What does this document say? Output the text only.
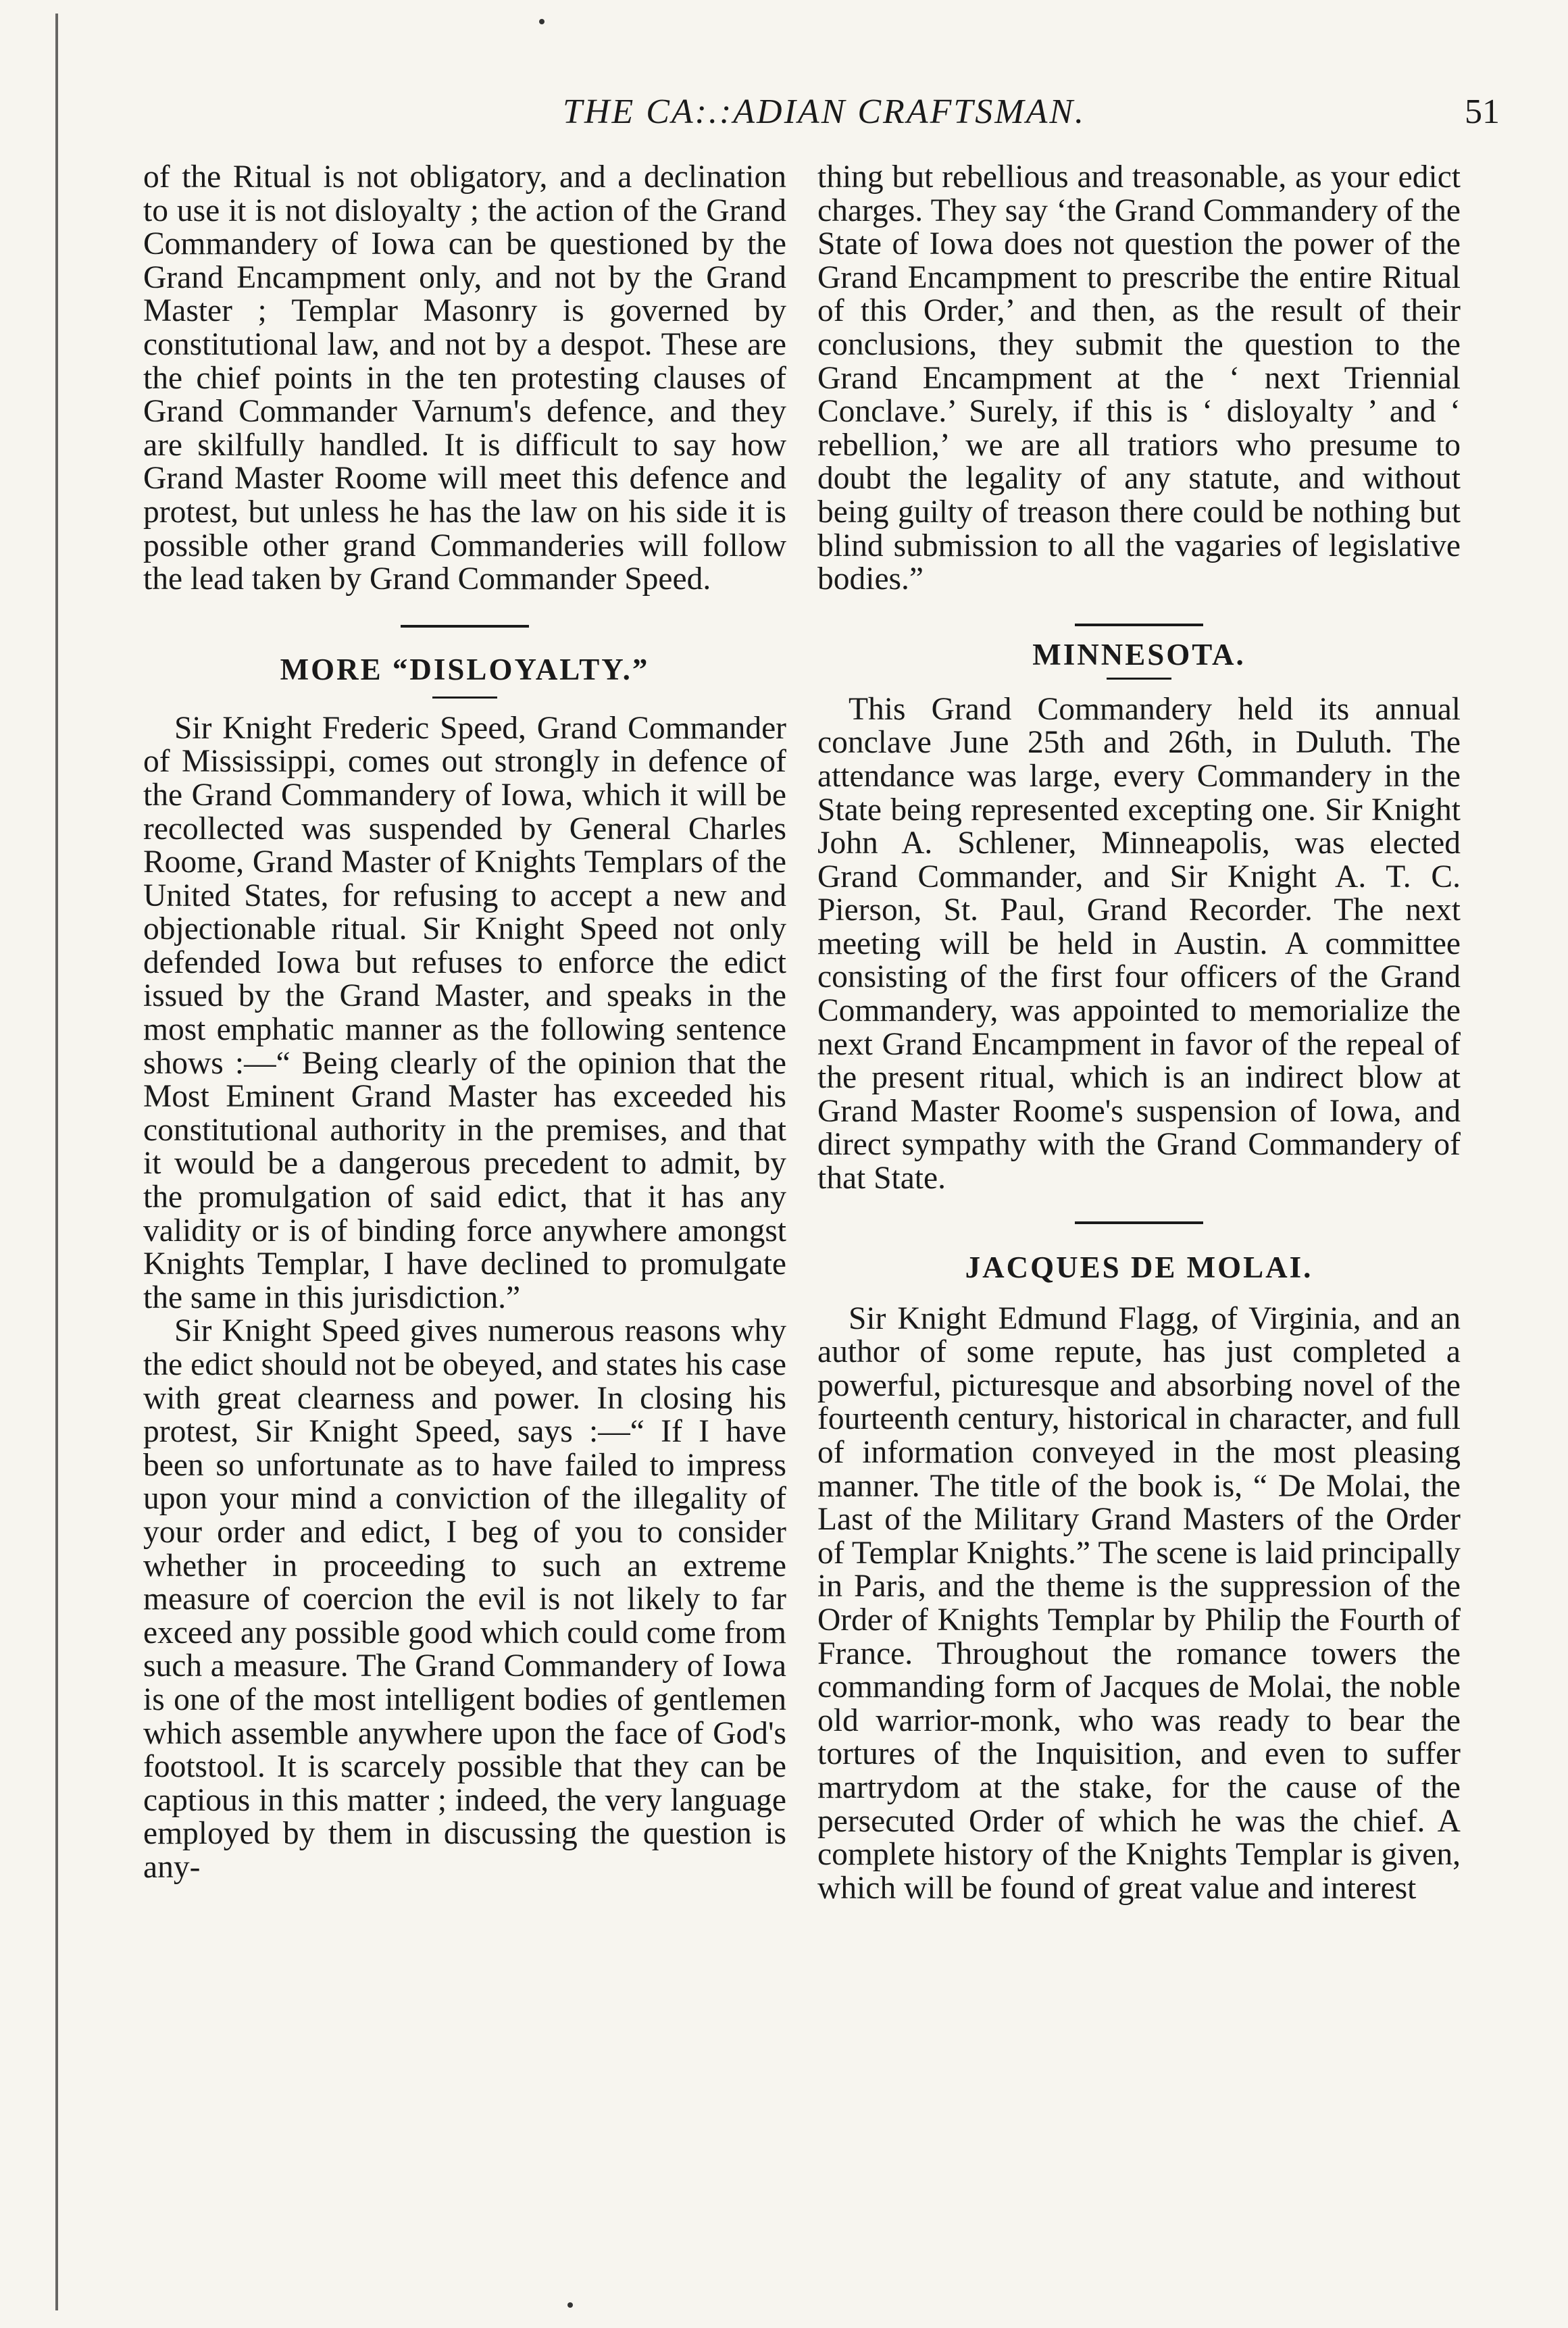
THE CA:.:ADIAN CRAFTSMAN.	51

of the Ritual is not obligatory, and a declination to use it is not disloyalty ; the action of the Grand Commandery of Iowa can be questioned by the Grand Encampment only, and not by the Grand Master ; Templar Masonry is governed by constitutional law, and not by a despot. These are the chief points in the ten protesting clauses of Grand Commander Varnum's defence, and they are skilfully handled. It is difficult to say how Grand Master Roome will meet this defence and protest, but unless he has the law on his side it is possible other grand Commanderies will follow the lead taken by Grand Commander Speed.

MORE “DISLOYALTY.”

Sir Knight Frederic Speed, Grand Commander of Mississippi, comes out strongly in defence of the Grand Commandery of Iowa, which it will be recollected was suspended by General Charles Roome, Grand Master of Knights Templars of the United States, for refusing to accept a new and objectionable ritual. Sir Knight Speed not only defended Iowa but refuses to enforce the edict issued by the Grand Master, and speaks in the most emphatic manner as the following sentence shows :—“ Being clearly of the opinion that the Most Eminent Grand Master has exceeded his constitutional authority in the premises, and that it would be a dangerous precedent to admit, by the promulgation of said edict, that it has any validity or is of binding force anywhere amongst Knights Templar, I have declined to promulgate the same in this jurisdiction.”

Sir Knight Speed gives numerous reasons why the edict should not be obeyed, and states his case with great clearness and power. In closing his protest, Sir Knight Speed, says :—“ If I have been so unfortunate as to have failed to impress upon your mind a conviction of the illegality of your order and edict, I beg of you to consider whether in proceeding to such an extreme measure of coercion the evil is not likely to far exceed any possible good which could come from such a measure. The Grand Commandery of Iowa is one of the most intelligent bodies of gentlemen which assemble anywhere upon the face of God's footstool. It is scarcely possible that they can be captious in this matter ; indeed, the very language employed by them in discussing the question is any-

thing but rebellious and treasonable, as your edict charges. They say ‘the Grand Commandery of the State of Iowa does not question the power of the Grand Encampment to prescribe the entire Ritual of this Order,’ and then, as the result of their conclusions, they submit the question to the Grand Encampment at the ‘ next Triennial Conclave.’ Surely, if this is ‘ disloyalty ’ and ‘ rebellion,’ we are all tratiors who presume to doubt the legality of any statute, and without being guilty of treason there could be nothing but blind submission to all the vagaries of legislative bodies.”

MINNESOTA.

This Grand Commandery held its annual conclave June 25th and 26th, in Duluth. The attendance was large, every Commandery in the State being represented excepting one. Sir Knight John A. Schlener, Minneapolis, was elected Grand Commander, and Sir Knight A. T. C. Pierson, St. Paul, Grand Recorder. The next meeting will be held in Austin. A committee consisting of the first four officers of the Grand Commandery, was appointed to memorialize the next Grand Encampment in favor of the repeal of the present ritual, which is an indirect blow at Grand Master Roome's suspension of Iowa, and direct sympathy with the Grand Commandery of that State.

JACQUES DE MOLAI.

Sir Knight Edmund Flagg, of Virginia, and an author of some repute, has just completed a powerful, picturesque and absorbing novel of the fourteenth century, historical in character, and full of information conveyed in the most pleasing manner. The title of the book is, “ De Molai, the Last of the Military Grand Masters of the Order of Templar Knights.” The scene is laid principally in Paris, and the theme is the suppression of the Order of Knights Templar by Philip the Fourth of France. Throughout the romance towers the commanding form of Jacques de Molai, the noble old warrior-monk, who was ready to bear the tortures of the Inquisition, and even to suffer martrydom at the stake, for the cause of the persecuted Order of which he was the chief. A complete history of the Knights Templar is given, which will be found of great value and interest
